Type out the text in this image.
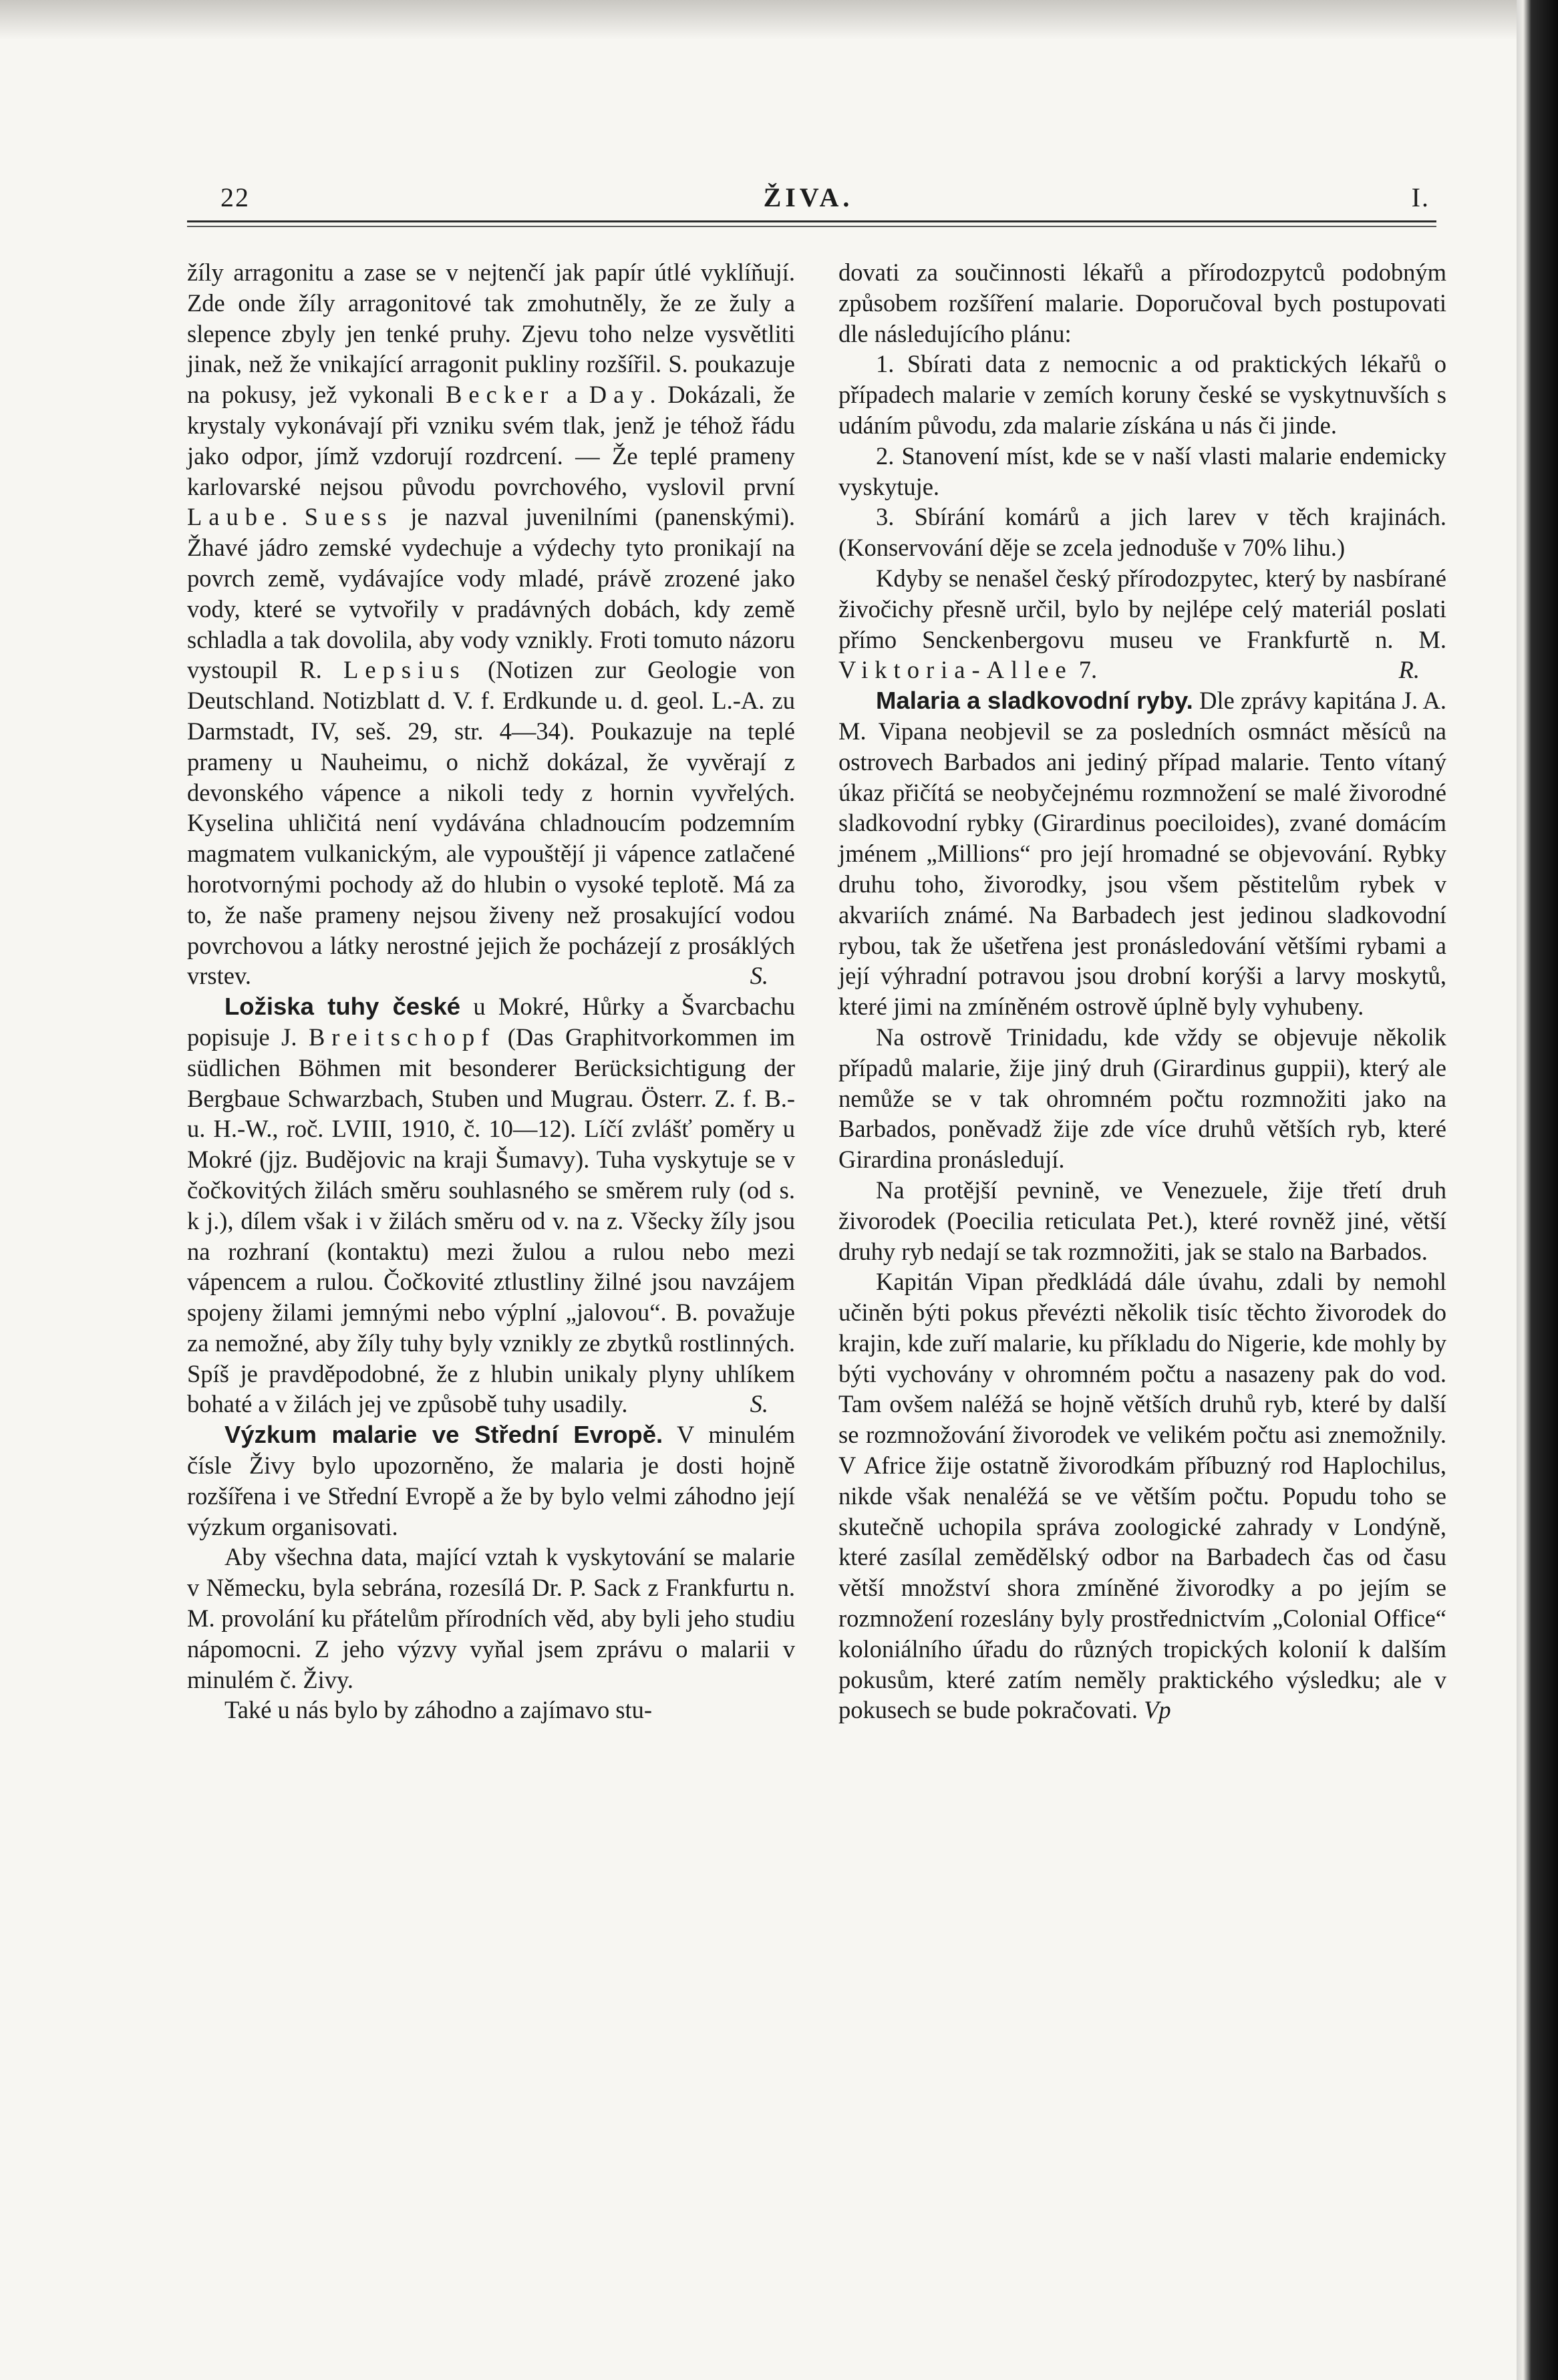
22	ŽIVA.	I.

žíly arragonitu a zase se v nejtenčí jak papír útlé vyklíňují. Zde onde žíly arragonitové tak zmohutněly, že ze žuly a slepence zbyly jen tenké pruhy. Zjevu toho nelze vysvětliti jinak, než že vnikající arragonit pukliny rozšířil. S. poukazuje na pokusy, jež vykonali Becker a Day. Dokázali, že krystaly vykonávají při vzniku svém tlak, jenž je téhož řádu jako odpor, jímž vzdorují rozdrcení. — Že teplé prameny karlovarské nejsou původu povrchového, vyslovil první Laube. Suess je nazval juvenilními (panenskými). Žhavé jádro zemské vydechuje a výdechy tyto pronikají na povrch země, vydávajíce vody mladé, právě zrozené jako vody, které se vytvořily v pradávných dobách, kdy země schladla a tak dovolila, aby vody vznikly. Froti tomuto názoru vystoupil R. Lepsius (Notizen zur Geologie von Deutschland. Notizblatt d. V. f. Erdkunde u. d. geol. L.-A. zu Darmstadt, IV, seš. 29, str. 4—34). Poukazuje na teplé prameny u Nauheimu, o nichž dokázal, že vyvěrají z devonského vápence a nikoli tedy z hornin vyvřelých. Kyselina uhličitá není vydávána chladnoucím podzemním magmatem vulkanickým, ale vypouštějí ji vápence zatlačené horotvornými pochody až do hlubin o vysoké teplotě. Má za to, že naše prameny nejsou živeny než prosakující vodou povrchovou a látky nerostné jejich že pocházejí z prosáklých vrstev.	S.

Ložiska tuhy české u Mokré, Hůrky a Švarcbachu popisuje J. Breitschopf (Das Graphitvorkommen im südlichen Böhmen mit besonderer Berücksichtigung der Bergbaue Schwarzbach, Stuben und Mugrau. Österr. Z. f. B.- u. H.-W., roč. LVIII, 1910, č. 10—12). Líčí zvlášť poměry u Mokré (jjz. Budějovic na kraji Šumavy). Tuha vyskytuje se v čočkovitých žilách směru souhlasného se směrem ruly (od s. k j.), dílem však i v žilách směru od v. na z. Všecky žíly jsou na rozhraní (kontaktu) mezi žulou a rulou nebo mezi vápencem a rulou. Čočkovité ztlustliny žilné jsou navzájem spojeny žilami jemnými nebo výplní „jalovou“. B. považuje za nemožné, aby žíly tuhy byly vznikly ze zbytků rostlinných. Spíš je pravděpodobné, že z hlubin unikaly plyny uhlíkem bohaté a v žilách jej ve způsobě tuhy usadily.	S.

Výzkum malarie ve Střední Evropě. V minulém čísle Živy bylo upozorněno, že malaria je dosti hojně rozšířena i ve Střední Evropě a že by bylo velmi záhodno její výzkum organisovati.

Aby všechna data, mající vztah k vyskytování se malarie v Německu, byla sebrána, rozesílá Dr. P. Sack z Frankfurtu n. M. provolání ku přátelům přírodních věd, aby byli jeho studiu nápomocni. Z jeho výzvy vyňal jsem zprávu o malarii v minulém č. Živy.

Také u nás bylo by záhodno a zajímavo stu-

dovati za součinnosti lékařů a přírodozpytců podobným způsobem rozšíření malarie. Doporučoval bych postupovati dle následujícího plánu:

1. Sbírati data z nemocnic a od praktických lékařů o případech malarie v zemích koruny české se vyskytnuvších s udáním původu, zda malarie získána u nás či jinde.

2. Stanovení míst, kde se v naší vlasti malarie endemicky vyskytuje.

3. Sbírání komárů a jich larev v těch krajinách. (Konservování děje se zcela jednoduše v 70% lihu.)

Kdyby se nenašel český přírodozpytec, který by nasbírané živočichy přesně určil, bylo by nejlépe celý materiál poslati přímo Senckenbergovu museu ve Frankfurtě n. M. Viktoria-Allee 7.	R.

Malaria a sladkovodní ryby. Dle zprávy kapitána J. A. M. Vipana neobjevil se za posledních osmnáct měsíců na ostrovech Barbados ani jediný případ malarie. Tento vítaný úkaz přičítá se neobyčejnému rozmnožení se malé živorodné sladkovodní rybky (Girardinus poecilоides), zvané domácím jménem „Millions“ pro její hromadné se objevování. Rybky druhu toho, živorodky, jsou všem pěstitelům rybek v akvariích známé. Na Barbadech jest jedinou sladkovodní rybou, tak že ušetřena jest pronásledování většími rybami a její výhradní potravou jsou drobní korýši a larvy moskytů, které jimi na zmíněném ostrově úplně byly vyhubeny.

Na ostrově Trinidadu, kde vždy se objevuje několik případů malarie, žije jiný druh (Girardinus guppii), který ale nemůže se v tak ohromném počtu rozmnožiti jako na Barbados, poněvadž žije zde více druhů větších ryb, které Girardina pronásledují.

Na protější pevnině, ve Venezuele, žije třetí druh živorodek (Poecilia reticulata Pet.), které rovněž jiné, větší druhy ryb nedají se tak rozmnožiti, jak se stalo na Barbados.

Kapitán Vipan předkládá dále úvahu, zdali by nemohl učiněn býti pokus převézti několik tisíc těchto živorodek do krajin, kde zuří malarie, ku příkladu do Nigerie, kde mohly by býti vychovány v ohromném počtu a nasazeny pak do vod. Tam ovšem naléžá se hojně větších druhů ryb, které by další se rozmnožování živorodek ve velikém počtu asi znemožnily. V Africe žije ostatně živorodkám příbuzný rod Haplochilus, nikde však nenaléžá se ve větším počtu. Popudu toho se skutečně uchopila správa zoologické zahrady v Londýně, které zasílal zemědělský odbor na Barbadech čas od času větší množství shora zmíněné živorodky a po jejím se rozmnožení rozeslány byly prostřednictvím „Colonial Office“ koloniálního úřadu do různých tropických kolonií k dalším pokusům, které zatím neměly praktického výsledku; ale v pokusech se bude pokračovati. Vp
